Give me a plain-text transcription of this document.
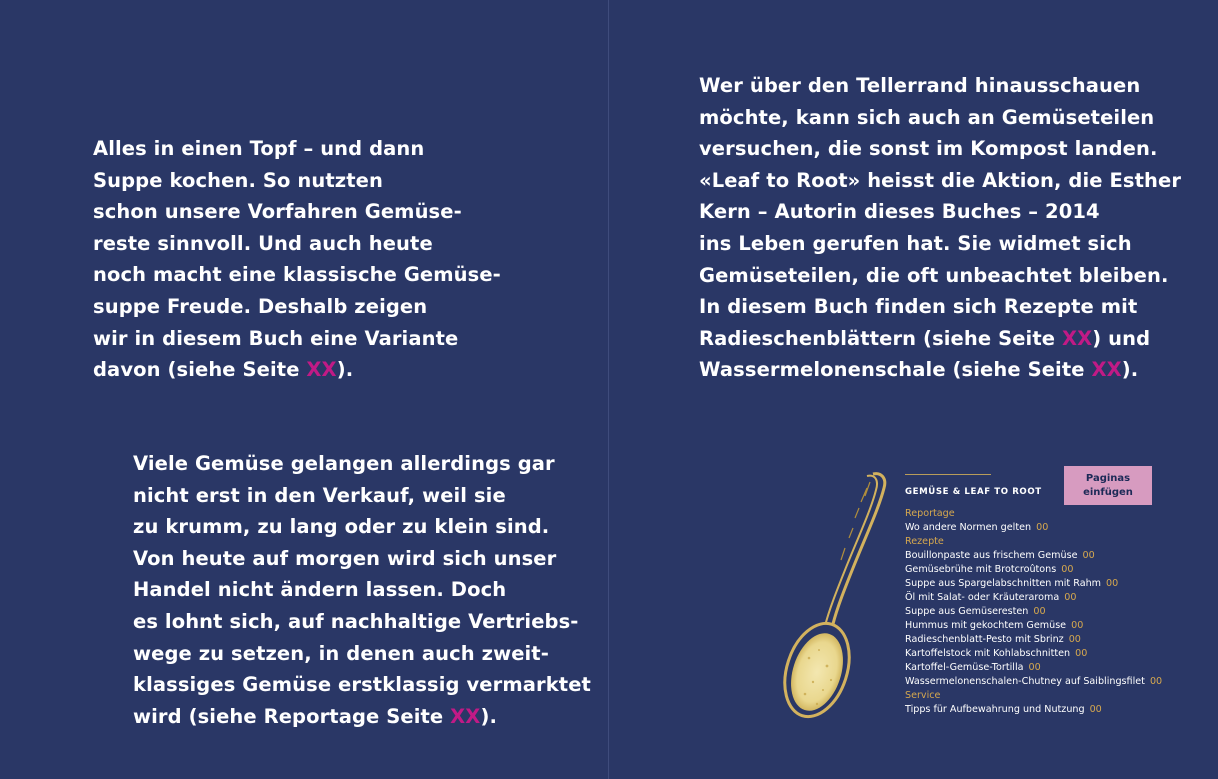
Alles in einen Topf – und dann
Suppe kochen. So nutzten
schon unsere Vorfahren Gemüse-
reste sinnvoll. Und auch heute
noch macht eine klassische Gemüse-
suppe Freude. Deshalb zeigen
wir in diesem Buch eine Variante
davon (siehe Seite XX).

Viele Gemüse gelangen allerdings gar
nicht erst in den Verkauf, weil sie
zu krumm, zu lang oder zu klein sind.
Von heute auf morgen wird sich unser
Handel nicht ändern lassen. Doch
es lohnt sich, auf nachhaltige Vertriebs-
wege zu setzen, in denen auch zweit-
klassiges Gemüse erstklassig vermarktet
wird (siehe Reportage Seite XX).

Wer über den Tellerrand hinausschauen
möchte, kann sich auch an Gemüseteilen
versuchen, die sonst im Kompost landen.
«Leaf to Root» heisst die Aktion, die Esther
Kern – Autorin dieses Buches – 2014
ins Leben gerufen hat. Sie widmet sich
Gemüseteilen, die oft unbeachtet bleiben.
In diesem Buch finden sich Rezepte mit
Radieschenblättern (siehe Seite XX) und
Wassermelonenschale (siehe Seite XX).

GEMÜSE & LEAF TO ROOT
Reportage
Wo andere Normen gelten 00
Rezepte
Bouillonpaste aus frischem Gemüse 00
Gemüsebrühe mit Brotcroûtons 00
Suppe aus Spargelabschnitten mit Rahm 00
Öl mit Salat- oder Kräuteraroma 00
Suppe aus Gemüseresten 00
Hummus mit gekochtem Gemüse 00
Radieschenblatt-Pesto mit Sbrinz 00
Kartoffelstock mit Kohlabschnitten 00
Kartoffel-Gemüse-Tortilla 00
Wassermelonenschalen-Chutney auf Saiblingsfilet 00
Service
Tipps für Aufbewahrung und Nutzung 00
Paginas
einfügen
